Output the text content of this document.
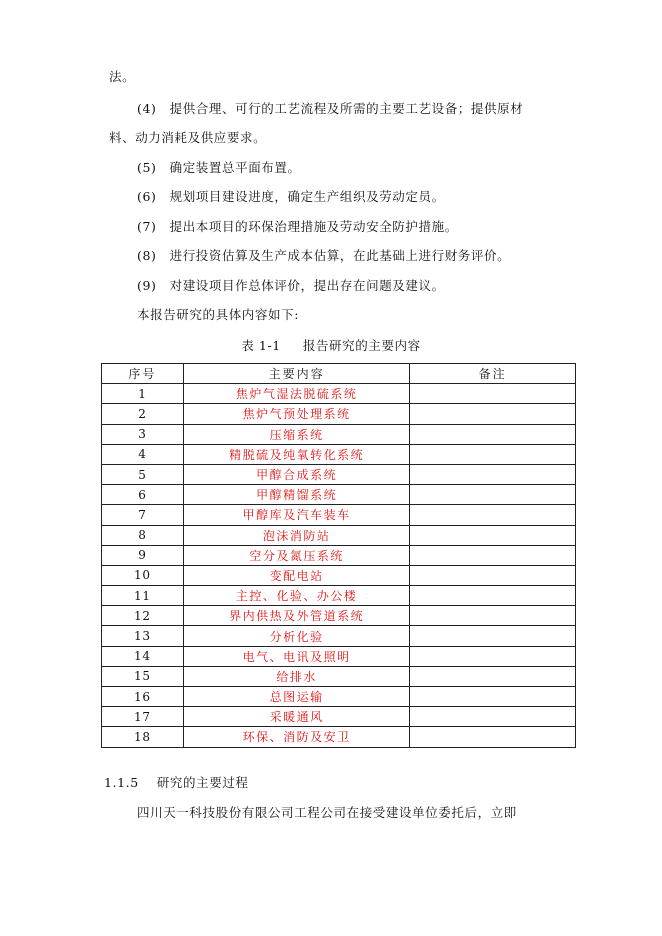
法。
(4)　提供合理、可行的工艺流程及所需的主要工艺设备；提供原材
料、动力消耗及供应要求。
(5)　确定装置总平面布置。
(6)　规划项目建设进度，确定生产组织及劳动定员。
(7)　提出本项目的环保治理措施及劳动安全防护措施。
(8)　进行投资估算及生产成本估算，在此基础上进行财务评价。
(9)　对建设项目作总体评价，提出存在问题及建议。
本报告研究的具体内容如下:
表 1-1 报告研究的主要内容
序号	主要内容	备注
1	焦炉气湿法脱硫系统	
2	焦炉气预处理系统	
3	压缩系统	
4	精脱硫及纯氧转化系统	
5	甲醇合成系统	
6	甲醇精馏系统	
7	甲醇库及汽车装车	
8	泡沫消防站	
9	空分及氮压系统	
10	变配电站	
11	主控、化验、办公楼	
12	界内供热及外管道系统	
13	分析化验	
14	电气、电讯及照明	
15	给排水	
16	总图运输	
17	采暖通风	
18	环保、消防及安卫	
1.1.5 研究的主要过程
四川天一科技股份有限公司工程公司在接受建设单位委托后，立即
